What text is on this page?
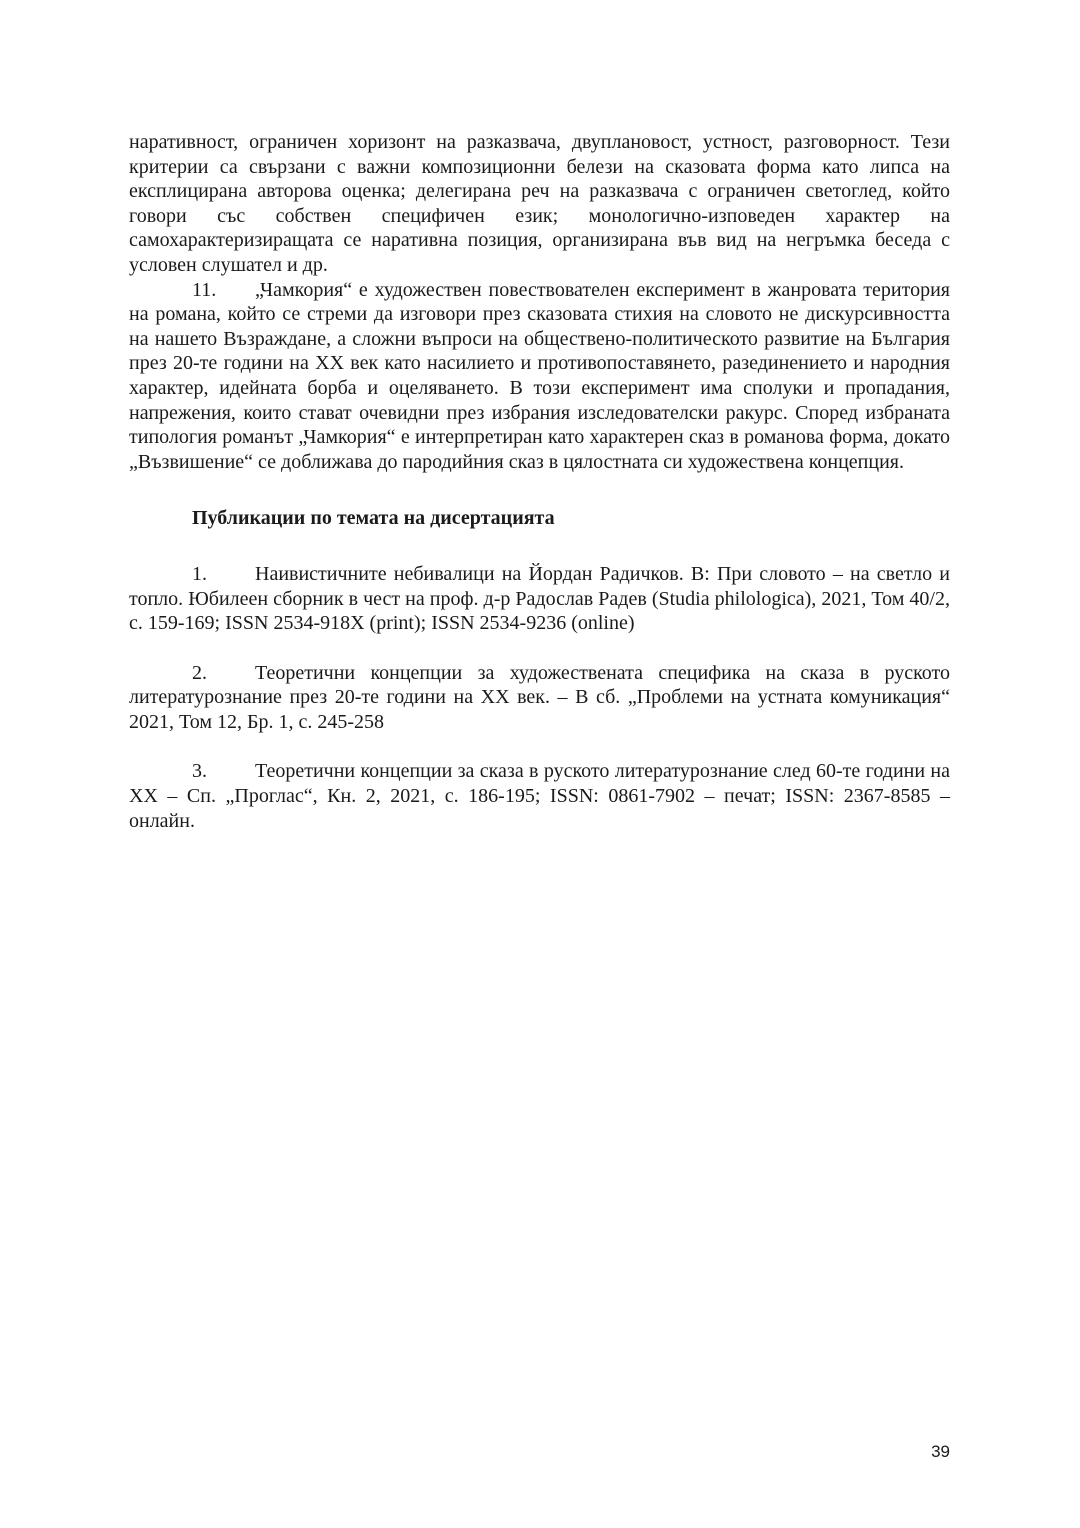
наративност, ограничен хоризонт на разказвача, двуплановост, устност, разговорност. Тези критерии са свързани с важни композиционни белези на сказовата форма като липса на експлицирана авторова оценка; делегирана реч на разказвача с ограничен светоглед, който говори със собствен специфичен език; монологично-изповеден характер на самохарактеризиращата се наративна позиция, организирана във вид на негръмка беседа с условен слушател и др.

11. „Чамкория“ е художествен повествователен експеримент в жанровата територия на романа, който се стреми да изговори през сказовата стихия на словото не дискурсивността на нашето Възраждане, а сложни въпроси на обществено-политическото развитие на България през 20-те години на XX век като насилието и противопоставянето, разединението и народния характер, идейната борба и оцеляването. В този експеримент има сполуки и пропадания, напрежения, които стават очевидни през избрания изследователски ракурс. Според избраната типология романът „Чамкория“ е интерпретиран като характерен сказ в романова форма, докато „Възвишение“ се доближава до пародийния сказ в цялостната си художествена концепция.

Публикации по темата на дисертацията

1. Наивистичните небивалици на Йордан Радичков. В: При словото – на светло и топло. Юбилеен сборник в чест на проф. д-р Радослав Радев (Studia philologica), 2021, Том 40/2, с. 159-169; ISSN 2534-918X (print); ISSN 2534-9236 (online)

2. Теоретични концепции за художествената специфика на сказа в руското литературознание през 20-те години на XX век. – В сб. „Проблеми на устната комуникация“ 2021, Том 12, Бр. 1, с. 245-258

3. Теоретични концепции за сказа в руското литературознание след 60-те години на XX – Сп. „Проглас“, Кн. 2, 2021, с. 186-195; ISSN: 0861-7902 – печат; ISSN: 2367-8585 – онлайн.

39
